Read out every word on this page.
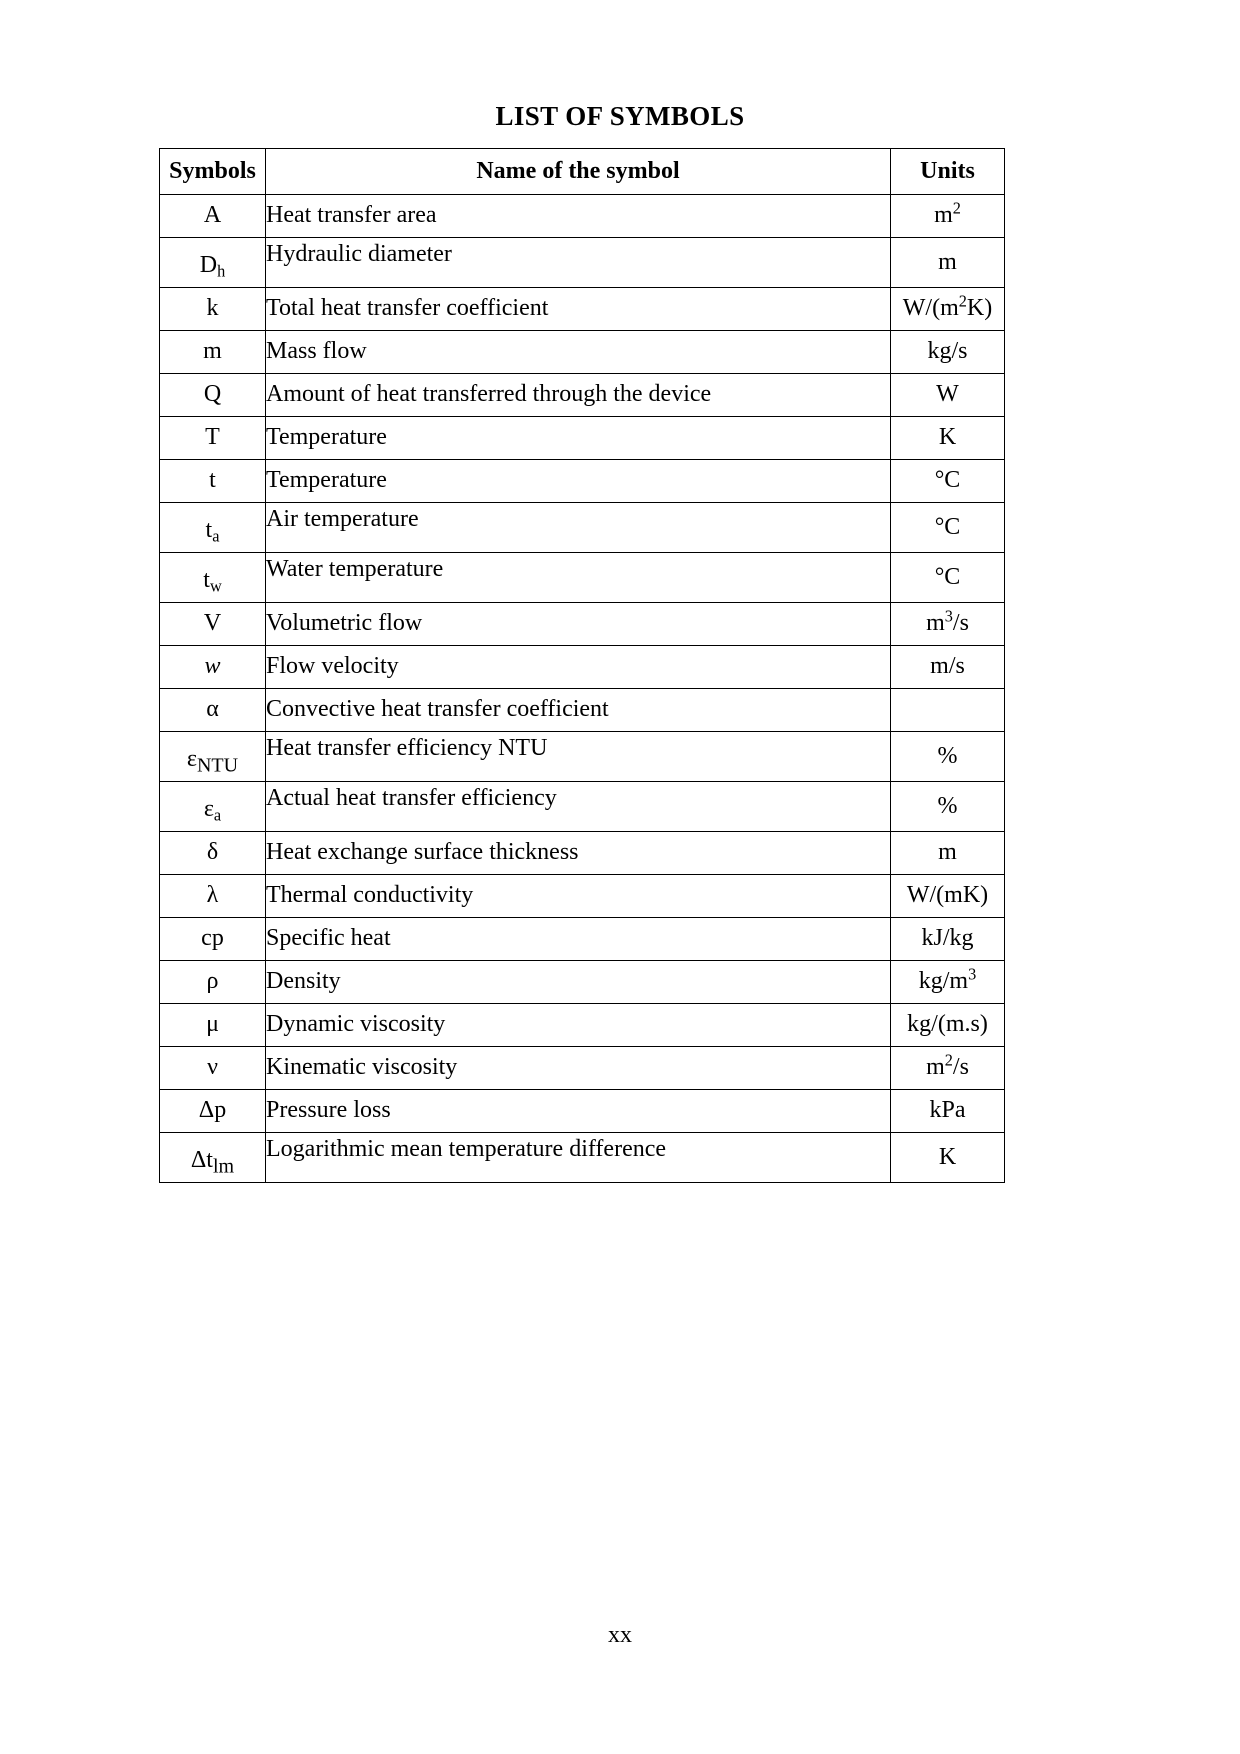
LIST OF SYMBOLS
Symbols	Name of the symbol	Units
A	Heat transfer area	$m^2$
$D_h$	Hydraulic diameter	m
k	Total heat transfer coefficient	$W/(m^2K)$
m	Mass flow	kg/s
Q	Amount of heat transferred through the device	W
T	Temperature	K
t	Temperature	°C
$t_a$	Air temperature	°C
$t_w$	Water temperature	°C
V	Volumetric flow	$m^3/s$
w	Flow velocity	m/s
α	Convective heat transfer coefficient	
$\varepsilon_{NTU}$	Heat transfer efficiency NTU	%
$\varepsilon_a$	Actual heat transfer efficiency	%
δ	Heat exchange surface thickness	m
λ	Thermal conductivity	W/(mK)
cp	Specific heat	kJ/kg
ρ	Density	$kg/m^3$
μ	Dynamic viscosity	kg/(m.s)
ν	Kinematic viscosity	$m^2/s$
Δp	Pressure loss	kPa
$\Delta t_{lm}$	Logarithmic mean temperature difference	K
xx
